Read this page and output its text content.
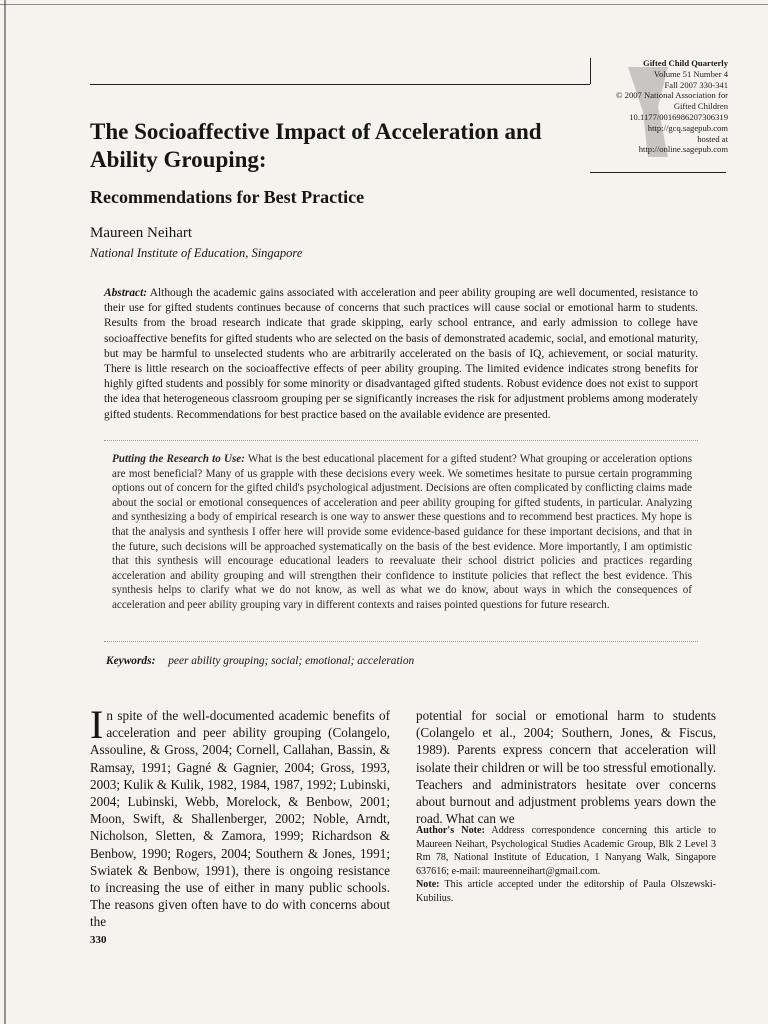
Gifted Child Quarterly
Volume 51 Number 4
Fall 2007 330-341
© 2007 National Association for
Gifted Children
10.1177/0016986207306319
http://gcq.sagepub.com
hosted at
http://online.sagepub.com
The Socioaffective Impact of Acceleration and Ability Grouping:
Recommendations for Best Practice
Maureen Neihart
National Institute of Education, Singapore
Abstract: Although the academic gains associated with acceleration and peer ability grouping are well documented, resistance to their use for gifted students continues because of concerns that such practices will cause social or emotional harm to students. Results from the broad research indicate that grade skipping, early school entrance, and early admission to college have socioaffective benefits for gifted students who are selected on the basis of demonstrated academic, social, and emotional maturity, but may be harmful to unselected students who are arbitrarily accelerated on the basis of IQ, achievement, or social maturity. There is little research on the socioaffective effects of peer ability grouping. The limited evidence indicates strong benefits for highly gifted students and possibly for some minority or disadvantaged gifted students. Robust evidence does not exist to support the idea that heterogeneous classroom grouping per se significantly increases the risk for adjustment problems among moderately gifted students. Recommendations for best practice based on the available evidence are presented.
Putting the Research to Use: What is the best educational placement for a gifted student? What grouping or acceleration options are most beneficial? Many of us grapple with these decisions every week. We sometimes hesitate to pursue certain programming options out of concern for the gifted child's psychological adjustment. Decisions are often complicated by conflicting claims made about the social or emotional consequences of acceleration and peer ability grouping for gifted students, in particular. Analyzing and synthesizing a body of empirical research is one way to answer these questions and to recommend best practices. My hope is that the analysis and synthesis I offer here will provide some evidence-based guidance for these important decisions, and that in the future, such decisions will be approached systematically on the basis of the best evidence. More importantly, I am optimistic that this synthesis will encourage educational leaders to reevaluate their school district policies and practices regarding acceleration and ability grouping and will strengthen their confidence to institute policies that reflect the best evidence. This synthesis helps to clarify what we do not know, as well as what we do know, about ways in which the consequences of acceleration and peer ability grouping vary in different contexts and raises pointed questions for future research.
Keywords: peer ability grouping; social; emotional; acceleration
I n spite of the well-documented academic benefits of acceleration and peer ability grouping (Colangelo, Assouline, & Gross, 2004; Cornell, Callahan, Bassin, & Ramsay, 1991; Gagné & Gagnier, 2004; Gross, 1993, 2003; Kulik & Kulik, 1982, 1984, 1987, 1992; Lubinski, 2004; Lubinski, Webb, Morelock, & Benbow, 2001; Moon, Swift, & Shallenberger, 2002; Noble, Arndt, Nicholson, Sletten, & Zamora, 1999; Richardson & Benbow, 1990; Rogers, 2004; Southern & Jones, 1991; Swiatek & Benbow, 1991), there is ongoing resistance to increasing the use of either in many public schools. The reasons given often have to do with concerns about the
potential for social or emotional harm to students (Colangelo et al., 2004; Southern, Jones, & Fiscus, 1989). Parents express concern that acceleration will isolate their children or will be too stressful emotionally. Teachers and administrators hesitate over concerns about burnout and adjustment problems years down the road. What can we
Author's Note: Address correspondence concerning this article to Maureen Neihart, Psychological Studies Academic Group, Blk 2 Level 3 Rm 78, National Institute of Education, 1 Nanyang Walk, Singapore 637616; e-mail: maureenneihart@gmail.com.
Note: This article accepted under the editorship of Paula Olszewski-Kubilius.
330
